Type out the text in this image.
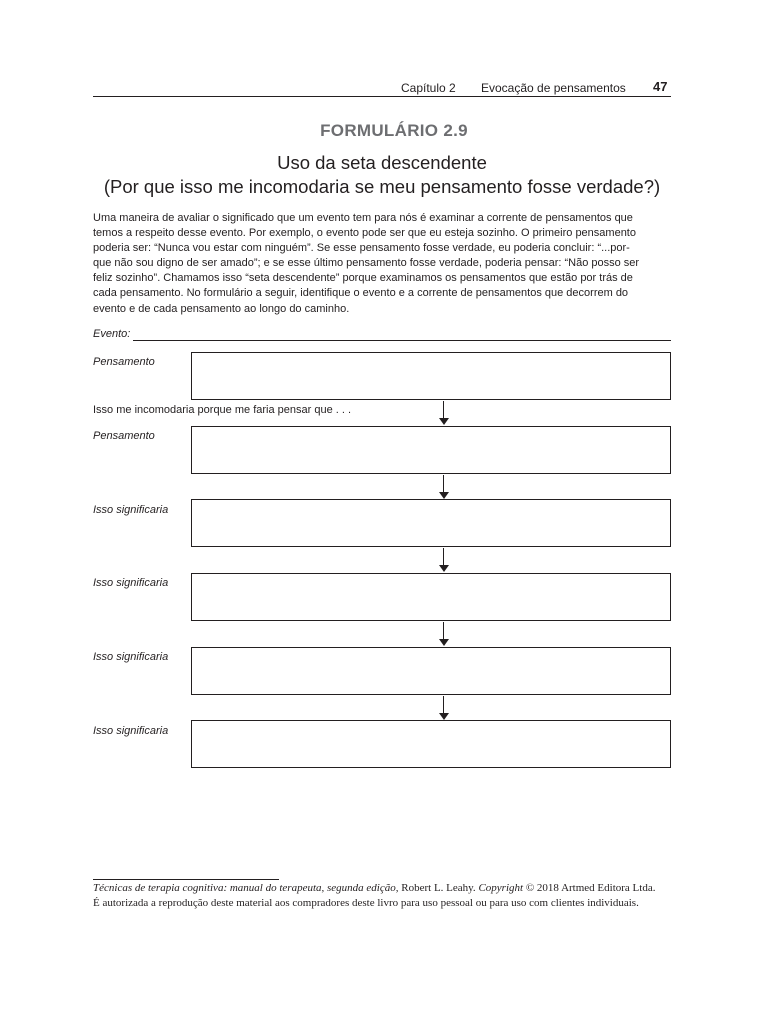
Capítulo 2 Evocação de pensamentos 47
FORMULÁRIO 2.9
Uso da seta descendente
(Por que isso me incomodaria se meu pensamento fosse verdade?)
Uma maneira de avaliar o significado que um evento tem para nós é examinar a corrente de pensamentos que
temos a respeito desse evento. Por exemplo, o evento pode ser que eu esteja sozinho. O primeiro pensamento
poderia ser: “Nunca vou estar com ninguém”. Se esse pensamento fosse verdade, eu poderia concluir: “...por-
que não sou digno de ser amado”; e se esse último pensamento fosse verdade, poderia pensar: “Não posso ser
feliz sozinho”. Chamamos isso “seta descendente” porque examinamos os pensamentos que estão por trás de
cada pensamento. No formulário a seguir, identifique o evento e a corrente de pensamentos que decorrem do
evento e de cada pensamento ao longo do caminho.
Evento:
Pensamento
Isso me incomodaria porque me faria pensar que . . .
Pensamento
Isso significaria
Isso significaria
Isso significaria
Isso significaria
Técnicas de terapia cognitiva: manual do terapeuta, segunda edição, Robert L. Leahy. Copyright © 2018 Artmed Editora Ltda.
É autorizada a reprodução deste material aos compradores deste livro para uso pessoal ou para uso com clientes individuais.
